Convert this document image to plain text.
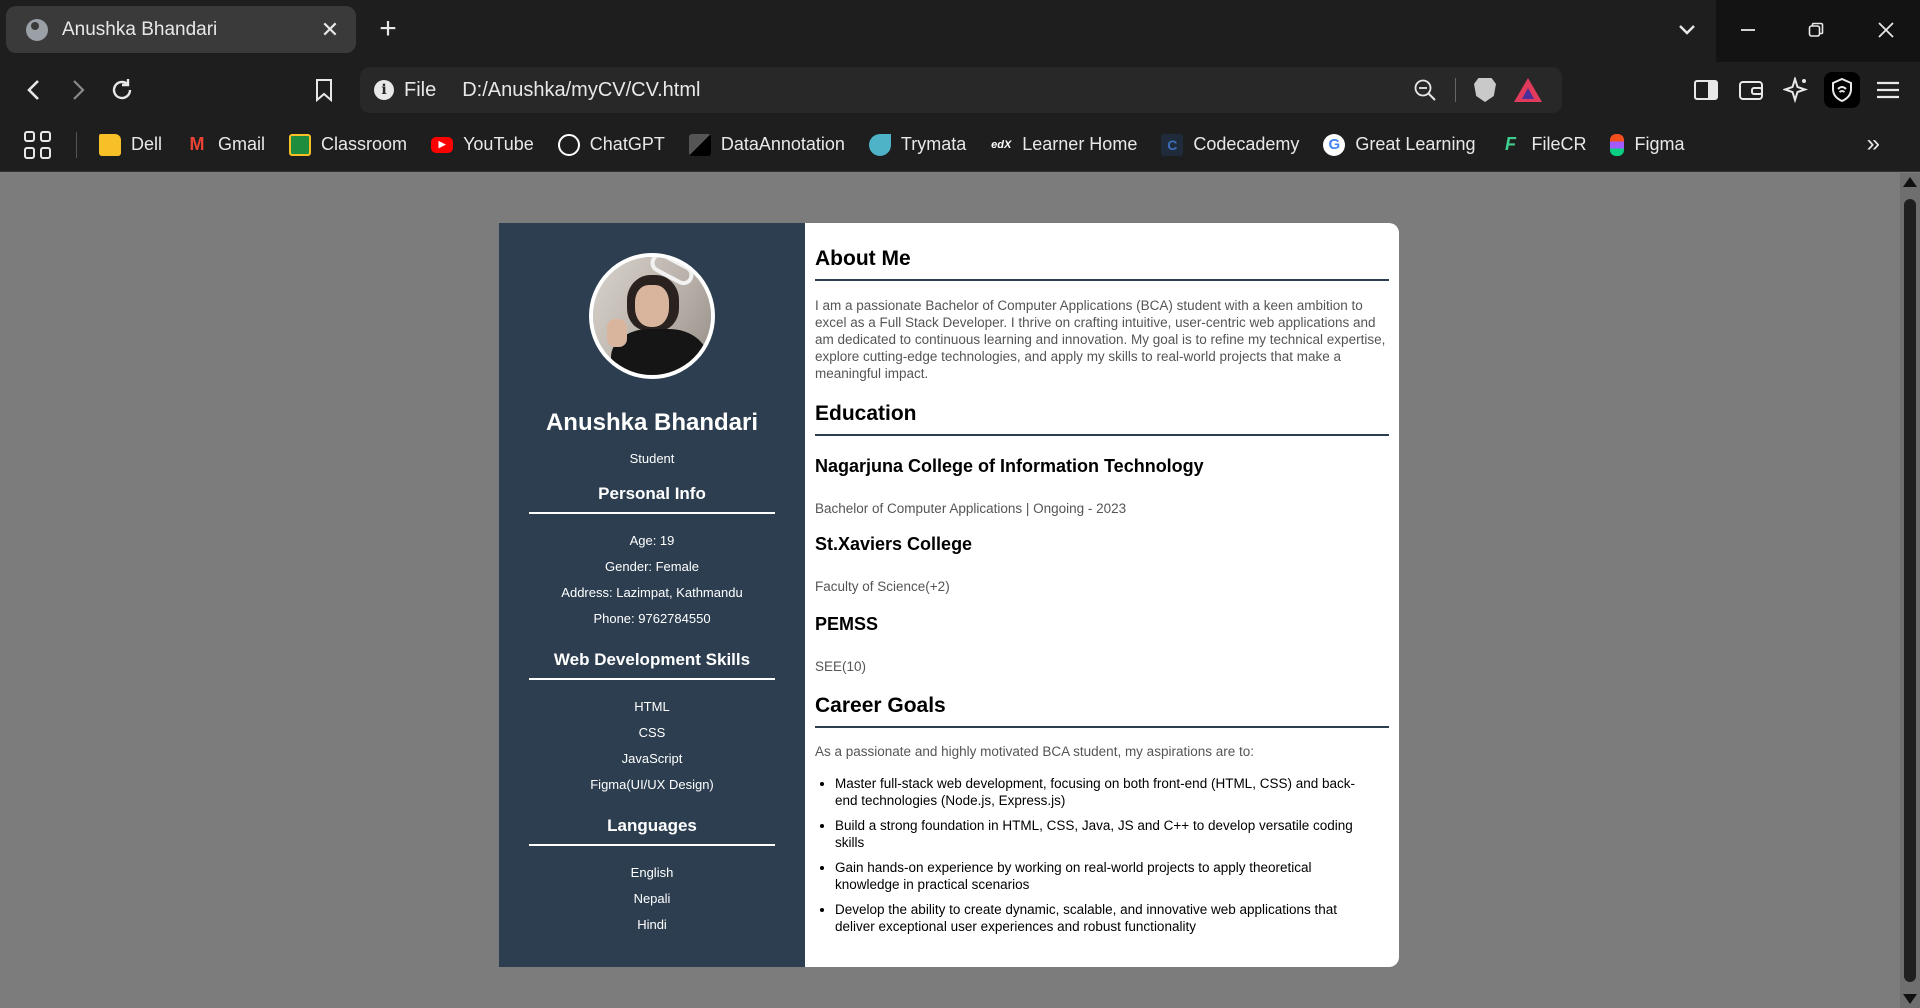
Anushka Bhandari	✕ +
i File D:/Anushka/myCV/CV.html
Dell M Gmail	Classroom	▶ YouTube	ChatGPT	DataAnnotation	Trymata edX Learner Home	C Codecademy	G Great Learning	F FileCR	Figma	»
Anushka Bhandari
Student
Personal Info
Age: 19
Gender: Female
Address: Lazimpat, Kathmandu
Phone: 9762784550
Web Development Skills
HTML
CSS
JavaScript
Figma(UI/UX Design)
Languages
English
Nepali
Hindi
About Me

I am a passionate Bachelor of Computer Applications (BCA) student with a keen ambition to excel as a Full Stack Developer. I thrive on crafting intuitive, user-centric web applications and am dedicated to continuous learning and innovation. My goal is to refine my technical expertise, explore cutting-edge technologies, and apply my skills to real-world projects that make a meaningful impact.

Education
Nagarjuna College of Information Technology
Bachelor of Computer Applications | Ongoing - 2023
St.Xaviers College
Faculty of Science(+2)
PEMSS
SEE(10)
Career Goals

As a passionate and highly motivated BCA student, my aspirations are to:

• Master full-stack web development, focusing on both front-end (HTML, CSS) and back-end technologies (Node.js, Express.js)
• Build a strong foundation in HTML, CSS, Java, JS and C++ to develop versatile coding skills
• Gain hands-on experience by working on real-world projects to apply theoretical knowledge in practical scenarios
• Develop the ability to create dynamic, scalable, and innovative web applications that deliver exceptional user experiences and robust functionality
